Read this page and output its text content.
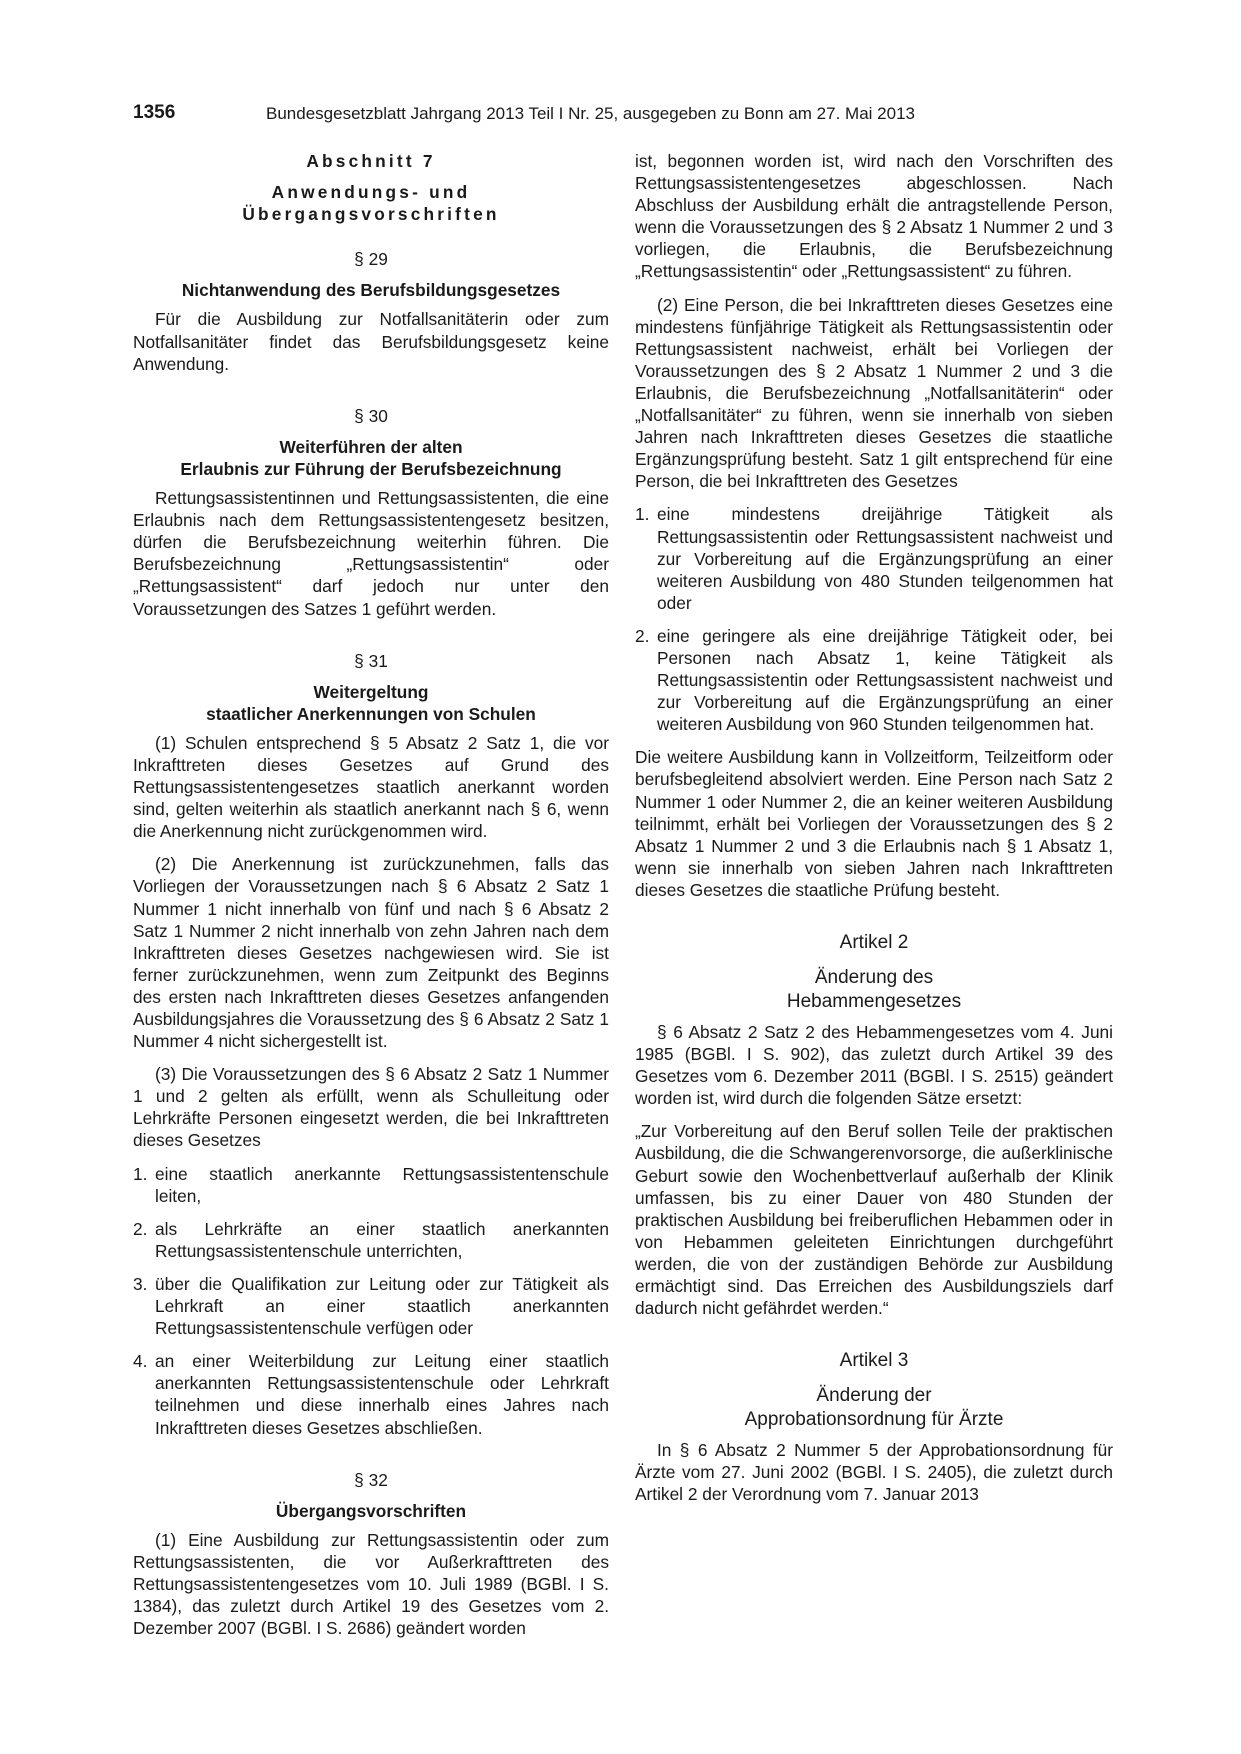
1356	Bundesgesetzblatt Jahrgang 2013 Teil I Nr. 25, ausgegeben zu Bonn am 27. Mai 2013
Abschnitt 7
Anwendungs- und
Übergangsvorschriften
§ 29
Nichtanwendung des Berufsbildungsgesetzes

Für die Ausbildung zur Notfallsanitäterin oder zum Notfallsanitäter findet das Berufsbildungsgesetz keine Anwendung.

§ 30
Weiterführen der alten
Erlaubnis zur Führung der Berufsbezeichnung

Rettungsassistentinnen und Rettungsassistenten, die eine Erlaubnis nach dem Rettungsassistentengesetz besitzen, dürfen die Berufsbezeichnung weiterhin führen. Die Berufsbezeichnung „Rettungsassistentin“ oder „Rettungsassistent“ darf jedoch nur unter den Voraussetzungen des Satzes 1 geführt werden.

§ 31
Weitergeltung
staatlicher Anerkennungen von Schulen

(1) Schulen entsprechend § 5 Absatz 2 Satz 1, die vor Inkrafttreten dieses Gesetzes auf Grund des Rettungsassistentengesetzes staatlich anerkannt worden sind, gelten weiterhin als staatlich anerkannt nach § 6, wenn die Anerkennung nicht zurückgenommen wird.

(2) Die Anerkennung ist zurückzunehmen, falls das Vorliegen der Voraussetzungen nach § 6 Absatz 2 Satz 1 Nummer 1 nicht innerhalb von fünf und nach § 6 Absatz 2 Satz 1 Nummer 2 nicht innerhalb von zehn Jahren nach dem Inkrafttreten dieses Gesetzes nachgewiesen wird. Sie ist ferner zurückzunehmen, wenn zum Zeitpunkt des Beginns des ersten nach Inkrafttreten dieses Gesetzes anfangenden Ausbildungsjahres die Voraussetzung des § 6 Absatz 2 Satz 1 Nummer 4 nicht sichergestellt ist.

(3) Die Voraussetzungen des § 6 Absatz 2 Satz 1 Nummer 1 und 2 gelten als erfüllt, wenn als Schulleitung oder Lehrkräfte Personen eingesetzt werden, die bei Inkrafttreten dieses Gesetzes

1. eine staatlich anerkannte Rettungsassistentenschule leiten,
2. als Lehrkräfte an einer staatlich anerkannten Rettungsassistentenschule unterrichten,
3. über die Qualifikation zur Leitung oder zur Tätigkeit als Lehrkraft an einer staatlich anerkannten Rettungsassistentenschule verfügen oder
4. an einer Weiterbildung zur Leitung einer staatlich anerkannten Rettungsassistentenschule oder Lehrkraft teilnehmen und diese innerhalb eines Jahres nach Inkrafttreten dieses Gesetzes abschließen.
§ 32
Übergangsvorschriften

(1) Eine Ausbildung zur Rettungsassistentin oder zum Rettungsassistenten, die vor Außerkrafttreten des Rettungsassistentengesetzes vom 10. Juli 1989 (BGBl. I S. 1384), das zuletzt durch Artikel 19 des Gesetzes vom 2. Dezember 2007 (BGBl. I S. 2686) geändert worden

ist, begonnen worden ist, wird nach den Vorschriften des Rettungsassistentengesetzes abgeschlossen. Nach Abschluss der Ausbildung erhält die antragstellende Person, wenn die Voraussetzungen des § 2 Absatz 1 Nummer 2 und 3 vorliegen, die Erlaubnis, die Berufsbezeichnung „Rettungsassistentin“ oder „Rettungsassistent“ zu führen.

(2) Eine Person, die bei Inkrafttreten dieses Gesetzes eine mindestens fünfjährige Tätigkeit als Rettungsassistentin oder Rettungsassistent nachweist, erhält bei Vorliegen der Voraussetzungen des § 2 Absatz 1 Nummer 2 und 3 die Erlaubnis, die Berufsbezeichnung „Notfallsanitäterin“ oder „Notfallsanitäter“ zu führen, wenn sie innerhalb von sieben Jahren nach Inkrafttreten dieses Gesetzes die staatliche Ergänzungsprüfung besteht. Satz 1 gilt entsprechend für eine Person, die bei Inkrafttreten des Gesetzes

1. eine mindestens dreijährige Tätigkeit als Rettungsassistentin oder Rettungsassistent nachweist und zur Vorbereitung auf die Ergänzungsprüfung an einer weiteren Ausbildung von 480 Stunden teilgenommen hat oder
2. eine geringere als eine dreijährige Tätigkeit oder, bei Personen nach Absatz 1, keine Tätigkeit als Rettungsassistentin oder Rettungsassistent nachweist und zur Vorbereitung auf die Ergänzungsprüfung an einer weiteren Ausbildung von 960 Stunden teilgenommen hat.

Die weitere Ausbildung kann in Vollzeitform, Teilzeitform oder berufsbegleitend absolviert werden. Eine Person nach Satz 2 Nummer 1 oder Nummer 2, die an keiner weiteren Ausbildung teilnimmt, erhält bei Vorliegen der Voraussetzungen des § 2 Absatz 1 Nummer 2 und 3 die Erlaubnis nach § 1 Absatz 1, wenn sie innerhalb von sieben Jahren nach Inkrafttreten dieses Gesetzes die staatliche Prüfung besteht.

Artikel 2
Änderung des
Hebammengesetzes

§ 6 Absatz 2 Satz 2 des Hebammengesetzes vom 4. Juni 1985 (BGBl. I S. 902), das zuletzt durch Artikel 39 des Gesetzes vom 6. Dezember 2011 (BGBl. I S. 2515) geändert worden ist, wird durch die folgenden Sätze ersetzt:

„Zur Vorbereitung auf den Beruf sollen Teile der praktischen Ausbildung, die die Schwangerenvorsorge, die außerklinische Geburt sowie den Wochenbettverlauf außerhalb der Klinik umfassen, bis zu einer Dauer von 480 Stunden der praktischen Ausbildung bei freiberuflichen Hebammen oder in von Hebammen geleiteten Einrichtungen durchgeführt werden, die von der zuständigen Behörde zur Ausbildung ermächtigt sind. Das Erreichen des Ausbildungsziels darf dadurch nicht gefährdet werden.“

Artikel 3
Änderung der
Approbationsordnung für Ärzte

In § 6 Absatz 2 Nummer 5 der Approbationsordnung für Ärzte vom 27. Juni 2002 (BGBl. I S. 2405), die zuletzt durch Artikel 2 der Verordnung vom 7. Januar 2013
